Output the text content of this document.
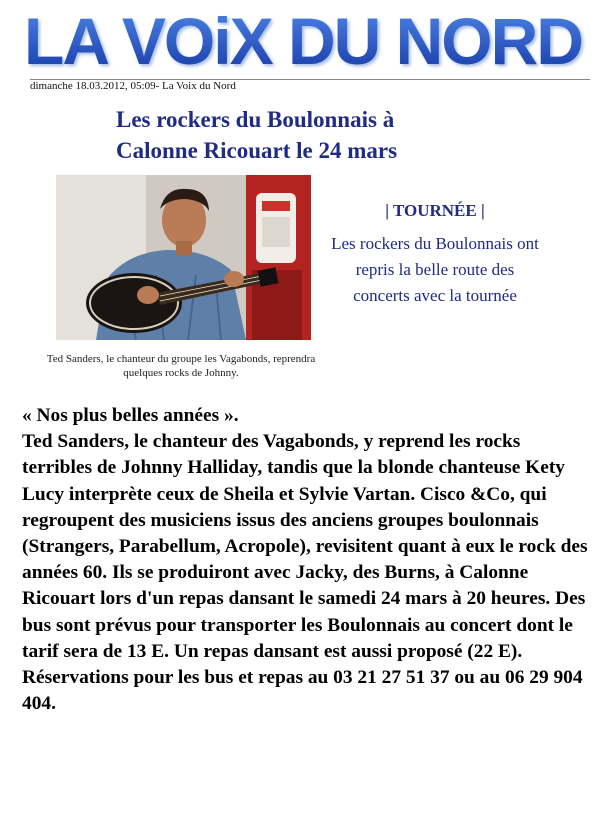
LA VOiX DU NORD
dimanche 18.03.2012, 05:09- La Voix du Nord
Les rockers du Boulonnais à
Calonne Ricouart le 24 mars
Ted Sanders, le chanteur du groupe les Vagabonds, reprendra quelques rocks de Johnny.
| TOURNÉE |
Les rockers du Boulonnais ont repris la belle route des concerts avec la tournée

« Nos plus belles années ».

Ted Sanders, le chanteur des Vagabonds, y reprend les rocks terribles de Johnny Halliday, tandis que la blonde chanteuse Kety Lucy interprète ceux de Sheila et Sylvie Vartan. Cisco &Co, qui regroupent des musiciens issus des anciens groupes boulonnais (Strangers, Parabellum, Acropole), revisitent quant à eux le rock des années 60. Ils se produiront avec Jacky, des Burns, à Calonne Ricouart lors d'un repas dansant le samedi 24 mars à 20 heures. Des bus sont prévus pour transporter les Boulonnais au concert dont le tarif sera de 13 E. Un repas dansant est aussi proposé (22 E).

Réservations pour les bus et repas au 03 21 27 51 37 ou au 06 29 904 404.
